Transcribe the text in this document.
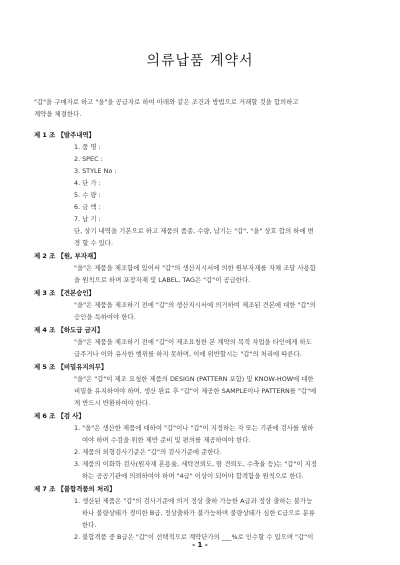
의류납품 계약서
"갑"을 구매자로 하고 "을"을 공급자로 하여 아래와 같은 조건과 방법으로 거래할 것을 합의하고
계약을 체결한다.
제 1 조 【발주내역】
1. 품 명 :
2. SPEC :
3. STYLE No :
4. 단 가 :
5. 수 량 :
6. 금 액 :
7. 납 기 :
단, 상기 내역을 기본으로 하고 제품의 품종, 수량, 납기는 "갑", "을" 상호 합의 하에 변
경 할 수 있다.
제 2 조 【원, 부자재】
"을"은 제품을 제조함에 있어서 "갑"의 생산지시서에 의한 원부자재를 자체 조달 사용함
을 원칙으로 하며 포장자재 및 LABEL, TAG은 "갑"이 공급한다.
제 3 조 【견본승인】
"을"은 제품을 제조하기 전에 "갑"의 생산지시서에 의거하여 제조된 견본에 대한 "갑"의
승인을 득하여야 한다.
제 4 조 【하도급 금지】
"을"은 제품을 제조하기 전에 "갑"이 제조요청한 본 계약의 목적 자업을 타인에게 하도
급주거나 이와 유사한 행위를 하지 못하며, 이에 위반할시는 "갑"의 처리에 따른다.
제 5 조 【비밀유지의무】
"을"은 "갑"이 제조 요청한 제품의 DESIGN (PATTERN 포함) 및 KNOW-HOW에 대한
비밀을 유지하여야 하며, 생산 완료 후 "갑"이 제공한 SAMPLE이나 PATTERN를 "갑"에
게 반드시 반환하여야 한다.
제 6 조 【검 사】
1. "을"은 생산한 제품에 대하여 "갑"이나 "갑"이 지정하는 자 또는 기관에 검사를 필하
여야 하며 수검을 위한 제반 준비 및 편의를 제공하여야 한다.
2. 제품의 외형검사기준은 "갑"의 검사기준에 준한다.
3. 제품의 이화학 검사(원자재 혼용율, 세탁견뢰도, 땀 견뢰도, 수축율 등)는 "갑"이 지정
하는 공공기관에 의뢰하여야 하며 "4급" 이상이 되어야 합격함을 원칙으로 한다.
제 7 조 【불합격품의 처리】
1. 생산된 제품은 "갑"의 검사기준에 의거 정상 출하 가능한 A급과 정상 출하는 불가능
하나 불량상태가 경미한 B급, 정상출하가 불가능하며 불량상태가 심한 C급으로 분류
한다.
- 1 -
2. 불합격품 중 B급은 "갑"이 선택적으로 계약단가의 ___%로 인수할 수 있으며 "갑"이
